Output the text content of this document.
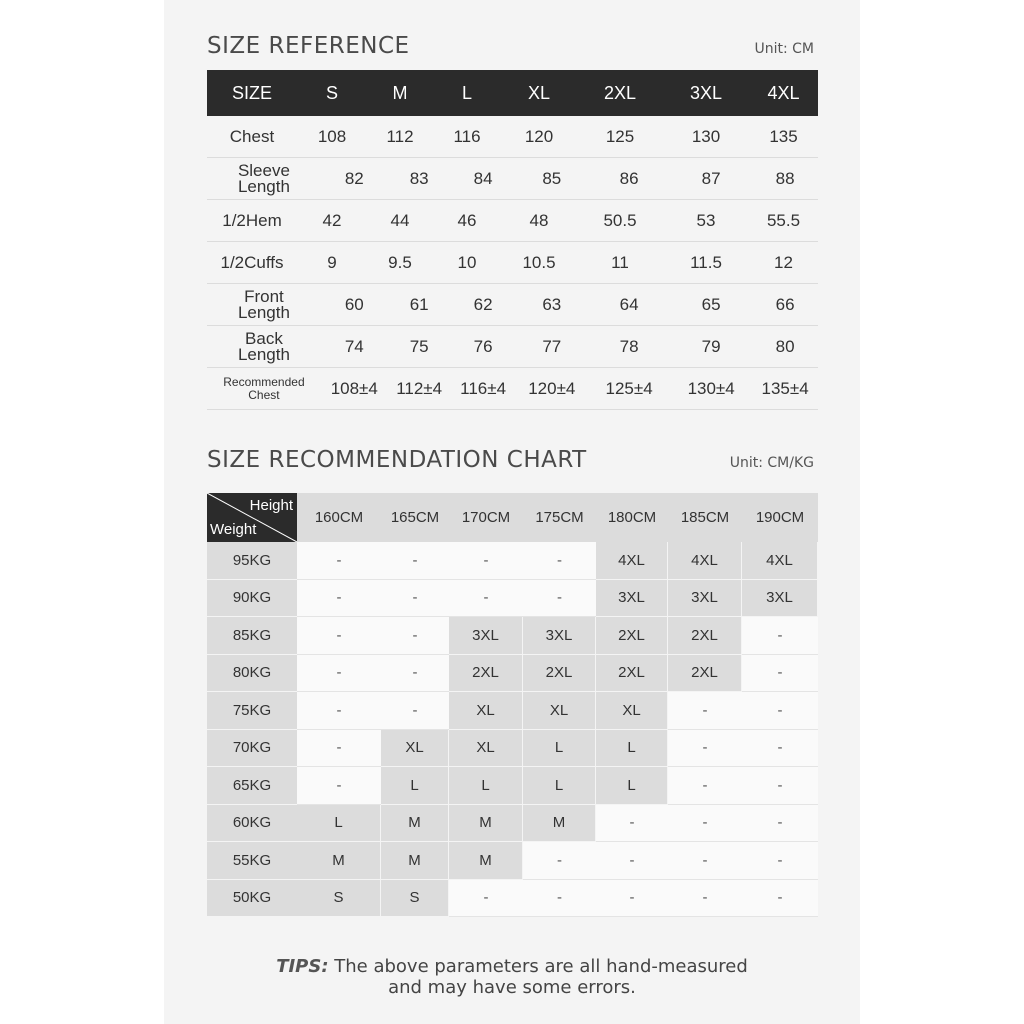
SIZE REFERENCE	Unit: CM
SIZE	S	M	L	XL	2XL	3XL	4XL
Chest	108	112	116	120	125	130	135
Sleeve Length	82	83	84	85	86	87	88
1/2Hem	42	44	46	48	50.5	53	55.5
1/2Cuffs	9	9.5	10	10.5	11	11.5	12
Front Length	60	61	62	63	64	65	66
Back Length	74	75	76	77	78	79	80
Recommended Chest	108±4	112±4	116±4	120±4	125±4	130±4	135±4
SIZE RECOMMENDATION CHART	Unit: CM/KG
Height
Weight
160CM	165CM	170CM	175CM	180CM	185CM	190CM
95KG	-	-	-	-	4XL	4XL	4XL
90KG	-	-	-	-	3XL	3XL	3XL
85KG	-	-	3XL	3XL	2XL	2XL	-
80KG	-	-	2XL	2XL	2XL	2XL	-
75KG	-	-	XL	XL	XL	-	-
70KG	-	XL	XL	L	L	-	-
65KG	-	L	L	L	L	-	-
60KG	L	M	M	M	-	-	-
55KG	M	M	M	-	-	-	-
50KG	S	S	-	-	-	-	-
TIPS: The above parameters are all hand-measured
and may have some errors.
